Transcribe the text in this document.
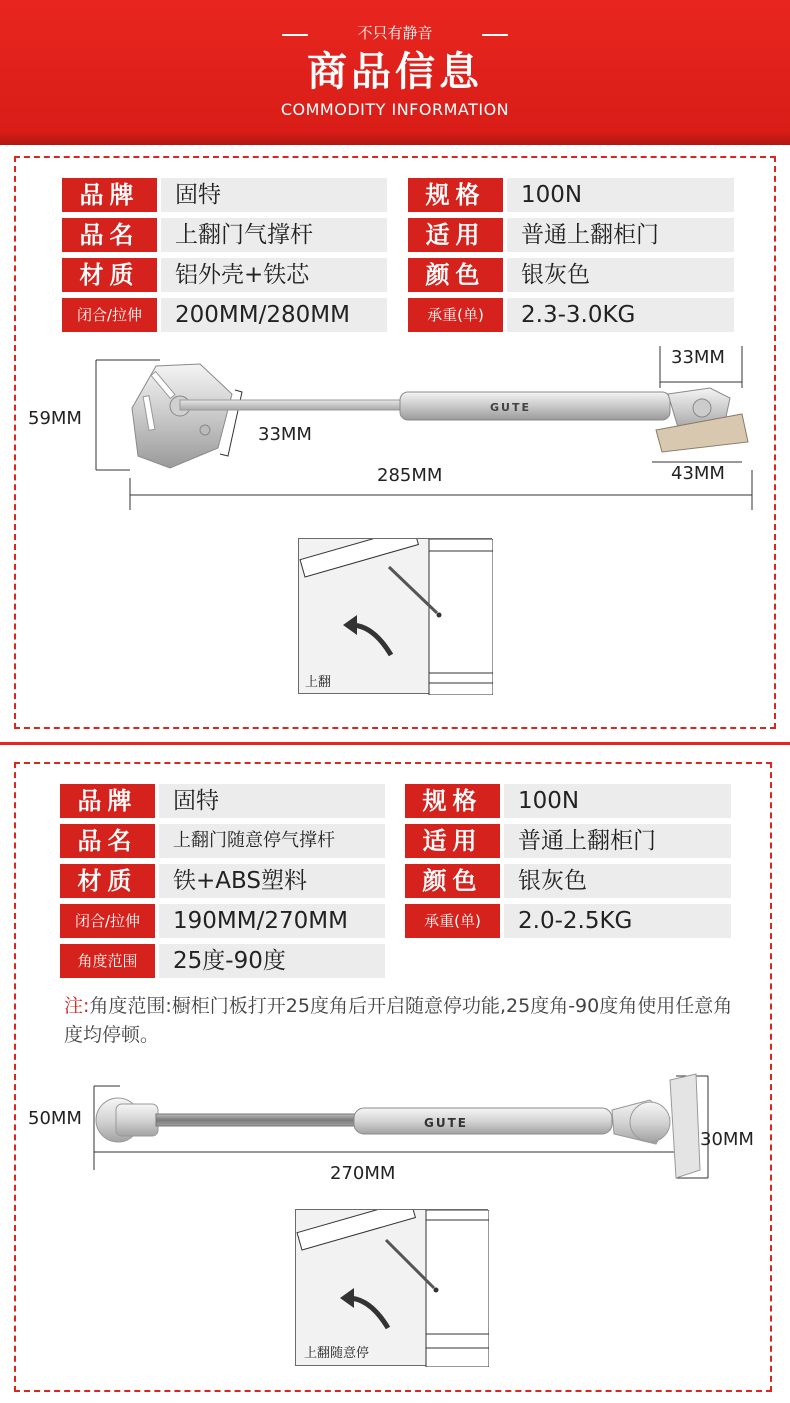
不只有静音
商品信息
COMMODITY INFORMATION
品牌	固特	规格	100N
品名	上翻门气撑杆	适用	普通上翻柜门
材质	铝外壳+铁芯	颜色	银灰色
闭合/拉伸	200MM/280MM	承重(单)	2.3-3.0KG
GUTE
59MM
33MM
285MM
33MM
43MM
上翻
品牌	固特	规格	100N
品名	上翻门随意停气撑杆	适用	普通上翻柜门
材质	铁+ABS塑料	颜色	银灰色
闭合/拉伸	190MM/270MM	承重(单)	2.0-2.5KG
角度范围	25度-90度
注:角度范围:橱柜门板打开25度角后开启随意停功能,25度角-90度角使用任意角度均停顿。
GUTE
50MM
270MM
30MM
上翻随意停
